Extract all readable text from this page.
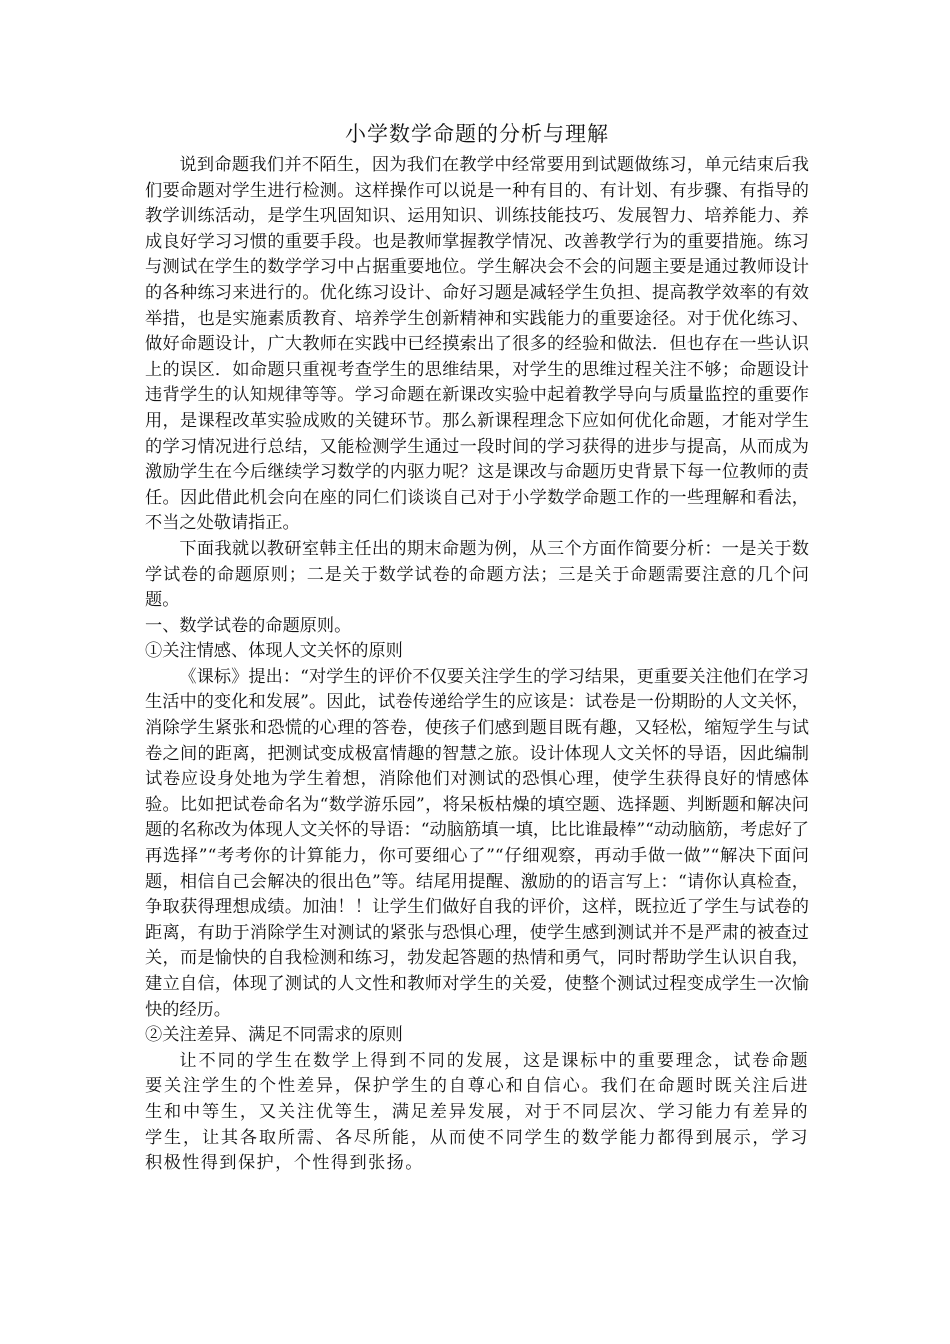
小学数学命题的分析与理解

说到命题我们并不陌生，因为我们在教学中经常要用到试题做练习，单元结束后我们要命题对学生进行检测。这样操作可以说是一种有目的、有计划、有步骤、有指导的教学训练活动，是学生巩固知识、运用知识、训练技能技巧、发展智力、培养能力、养成良好学习习惯的重要手段。也是教师掌握教学情况、改善教学行为的重要措施。练习与测试在学生的数学学习中占据重要地位。学生解决会不会的问题主要是通过教师设计的各种练习来进行的。优化练习设计、命好习题是减轻学生负担、提高教学效率的有效举措，也是实施素质教育、培养学生创新精神和实践能力的重要途径。对于优化练习、做好命题设计，广大教师在实践中已经摸索出了很多的经验和做法．但也存在一些认识上的误区．如命题只重视考查学生的思维结果，对学生的思维过程关注不够；命题设计违背学生的认知规律等等。学习命题在新课改实验中起着教学导向与质量监控的重要作用，是课程改革实验成败的关键环节。那么新课程理念下应如何优化命题，才能对学生的学习情况进行总结，又能检测学生通过一段时间的学习获得的进步与提高，从而成为激励学生在今后继续学习数学的内驱力呢？这是课改与命题历史背景下每一位教师的责任。因此借此机会向在座的同仁们谈谈自己对于小学数学命题工作的一些理解和看法，不当之处敬请指正。

下面我就以教研室韩主任出的期末命题为例，从三个方面作简要分析：一是关于数学试卷的命题原则；二是关于数学试卷的命题方法；三是关于命题需要注意的几个问题。

一、数学试卷的命题原则。

①关注情感、体现人文关怀的原则

《课标》提出：“对学生的评价不仅要关注学生的学习结果，更重要关注他们在学习生活中的变化和发展”。因此，试卷传递给学生的应该是：试卷是一份期盼的人文关怀，消除学生紧张和恐慌的心理的答卷，使孩子们感到题目既有趣，又轻松，缩短学生与试卷之间的距离，把测试变成极富情趣的智慧之旅。设计体现人文关怀的导语，因此编制试卷应设身处地为学生着想，消除他们对测试的恐惧心理，使学生获得良好的情感体验。比如把试卷命名为“数学游乐园”，将呆板枯燥的填空题、选择题、判断题和解决问题的名称改为体现人文关怀的导语：“动脑筋填一填，比比谁最棒”“动动脑筋，考虑好了再选择”“考考你的计算能力，你可要细心了”“仔细观察，再动手做一做”“解决下面问题，相信自己会解决的很出色”等。结尾用提醒、激励的的语言写上：“请你认真检查，争取获得理想成绩。加油！！让学生们做好自我的评价，这样，既拉近了学生与试卷的距离，有助于消除学生对测试的紧张与恐惧心理，使学生感到测试并不是严肃的被查过关，而是愉快的自我检测和练习，勃发起答题的热情和勇气，同时帮助学生认识自我，建立自信，体现了测试的人文性和教师对学生的关爱，使整个测试过程变成学生一次愉快的经历。

②关注差异、满足不同需求的原则

让不同的学生在数学上得到不同的发展，这是课标中的重要理念，试卷命题要关注学生的个性差异，保护学生的自尊心和自信心。我们在命题时既关注后进生和中等生，又关注优等生，满足差异发展，对于不同层次、学习能力有差异的学生，让其各取所需、各尽所能，从而使不同学生的数学能力都得到展示，学习积极性得到保护，个性得到张扬。
